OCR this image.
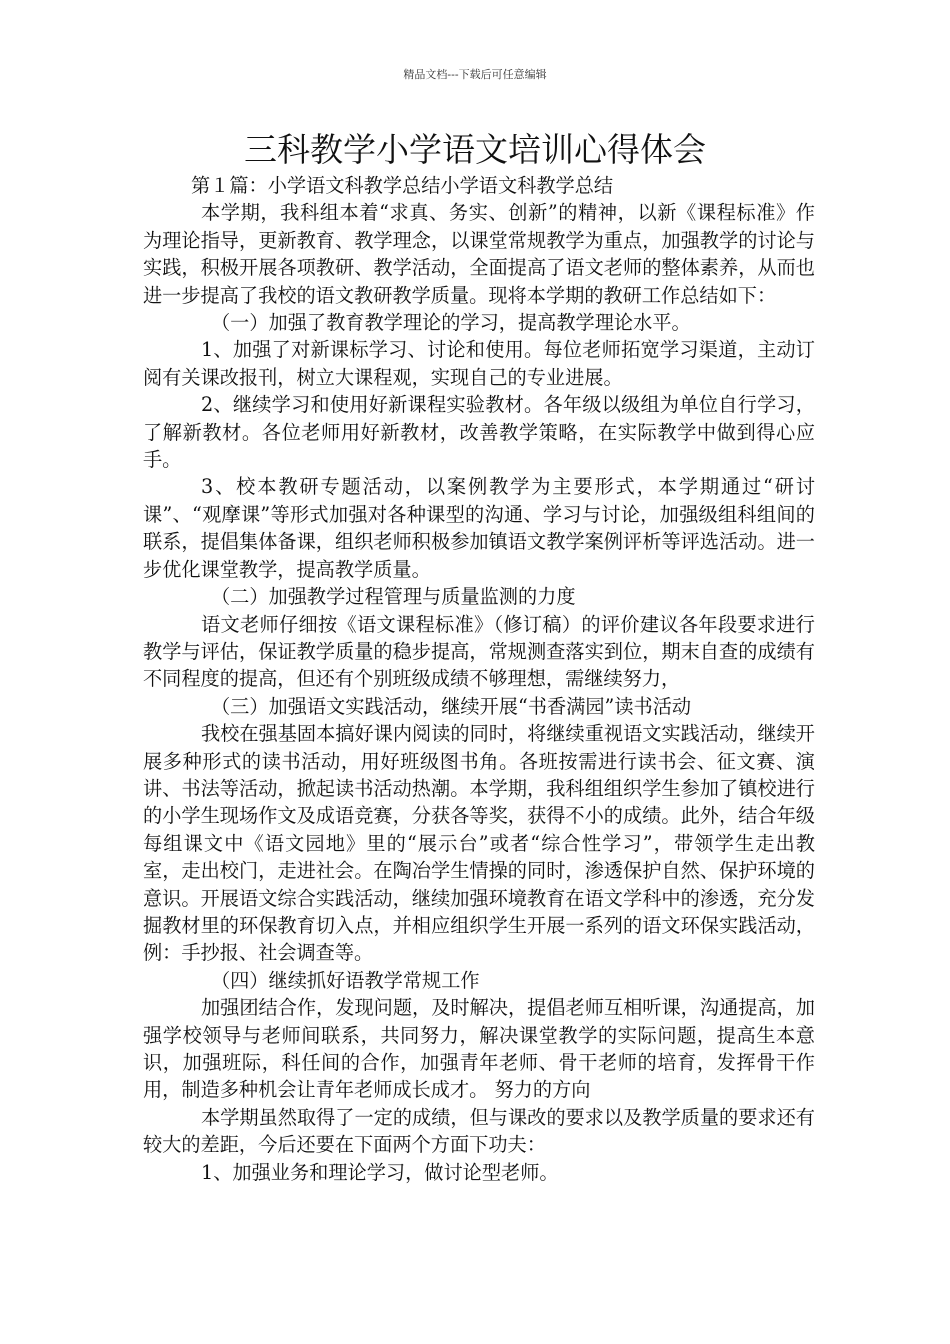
精品文档---下载后可任意编辑
三科教学小学语文培训心得体会

第１篇：小学语文科教学总结小学语文科教学总结

本学期，我科组本着“求真、务实、创新”的精神，以新《课程标准》作为理论指导，更新教育、教学理念，以课堂常规教学为重点，加强教学的讨论与实践，积极开展各项教研、教学活动，全面提高了语文老师的整体素养，从而也进一步提高了我校的语文教研教学质量。现将本学期的教研工作总结如下：

（一）加强了教育教学理论的学习，提高教学理论水平。

1、加强了对新课标学习、讨论和使用。每位老师拓宽学习渠道，主动订阅有关课改报刊，树立大课程观，实现自己的专业进展。

2、继续学习和使用好新课程实验教材。各年级以级组为单位自行学习，了解新教材。各位老师用好新教材，改善教学策略，在实际教学中做到得心应手。

3、校本教研专题活动，以案例教学为主要形式，本学期通过“研讨课”、“观摩课”等形式加强对各种课型的沟通、学习与讨论，加强级组科组间的联系，提倡集体备课，组织老师积极参加镇语文教学案例评析等评选活动。进一步优化课堂教学，提高教学质量。

（二）加强教学过程管理与质量监测的力度

语文老师仔细按《语文课程标准》（修订稿）的评价建议各年段要求进行教学与评估，保证教学质量的稳步提高，常规测查落实到位，期末自查的成绩有不同程度的提高，但还有个别班级成绩不够理想，需继续努力，

（三）加强语文实践活动，继续开展“书香满园”读书活动

我校在强基固本搞好课内阅读的同时，将继续重视语文实践活动，继续开展多种形式的读书活动，用好班级图书角。各班按需进行读书会、征文赛、演讲、书法等活动，掀起读书活动热潮。本学期，我科组组织学生参加了镇校进行的小学生现场作文及成语竞赛，分获各等奖，获得不小的成绩。此外，结合年级每组课文中《语文园地》里的“展示台”或者“综合性学习”，带领学生走出教室，走出校门，走进社会。在陶冶学生情操的同时，渗透保护自然、保护环境的意识。开展语文综合实践活动，继续加强环境教育在语文学科中的渗透，充分发掘教材里的环保教育切入点，并相应组织学生开展一系列的语文环保实践活动，例：手抄报、社会调查等。

（四）继续抓好语教学常规工作

加强团结合作，发现问题，及时解决，提倡老师互相听课，沟通提高，加强学校领导与老师间联系，共同努力，解决课堂教学的实际问题，提高生本意识，加强班际，科任间的合作，加强青年老师、骨干老师的培育，发挥骨干作用，制造多种机会让青年老师成长成才。 努力的方向

本学期虽然取得了一定的成绩，但与课改的要求以及教学质量的要求还有较大的差距，今后还要在下面两个方面下功夫：

1、加强业务和理论学习，做讨论型老师。
